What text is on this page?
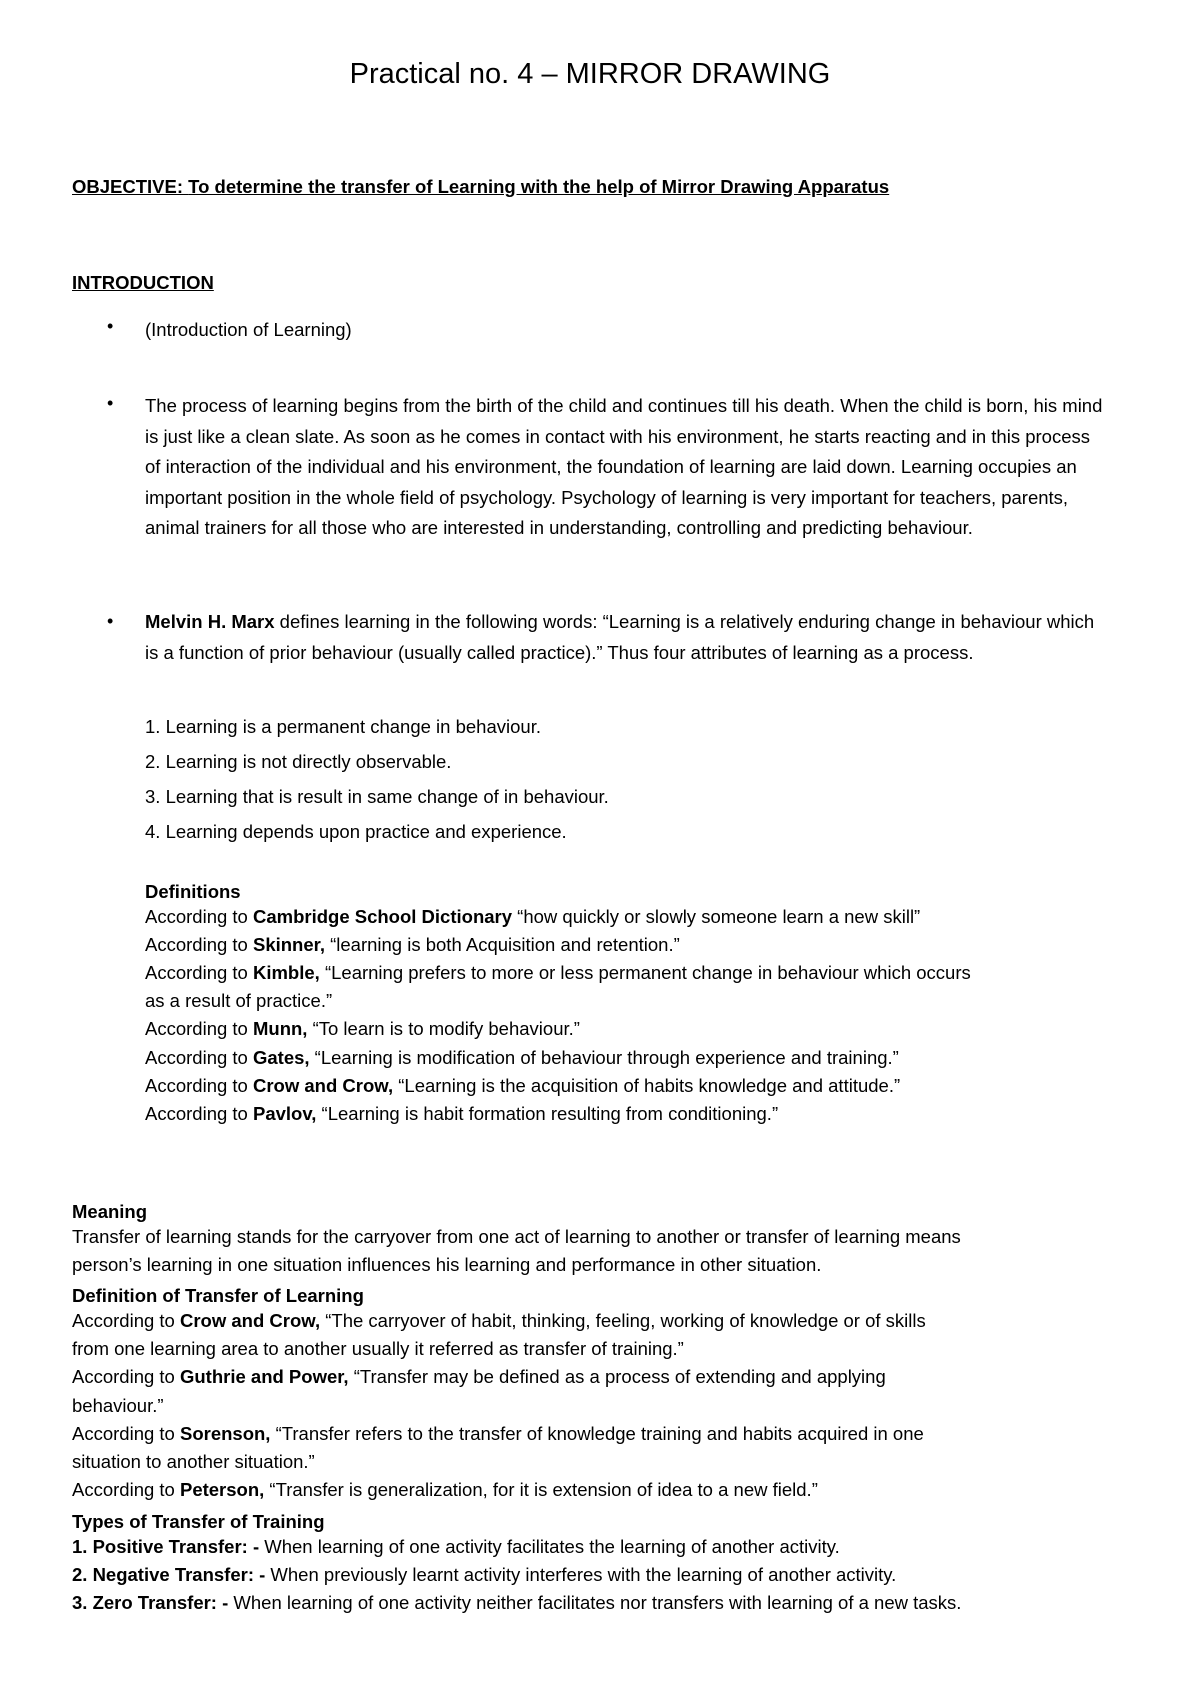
Practical no. 4 – MIRROR DRAWING
OBJECTIVE: To determine the transfer of Learning with the help of Mirror Drawing Apparatus
INTRODUCTION
• (Introduction of Learning)
• The process of learning begins from the birth of the child and continues till his death. When the child is born, his mind is just like a clean slate. As soon as he comes in contact with his environment, he starts reacting and in this process of interaction of the individual and his environment, the foundation of learning are laid down. Learning occupies an important position in the whole field of psychology. Psychology of learning is very important for teachers, parents, animal trainers for all those who are interested in understanding, controlling and predicting behaviour.
• Melvin H. Marx defines learning in the following words: “Learning is a relatively enduring change in behaviour which is a function of prior behaviour (usually called practice).” Thus four attributes of learning as a process.
1. Learning is a permanent change in behaviour.
2. Learning is not directly observable.
3. Learning that is result in same change of in behaviour.
4. Learning depends upon practice and experience.
Definitions
According to Cambridge School Dictionary “how quickly or slowly someone learn a new skill”
According to Skinner, “learning is both Acquisition and retention.”
According to Kimble, “Learning prefers to more or less permanent change in behaviour which occurs
as a result of practice.”
According to Munn, “To learn is to modify behaviour.”
According to Gates, “Learning is modification of behaviour through experience and training.”
According to Crow and Crow, “Learning is the acquisition of habits knowledge and attitude.”
According to Pavlov, “Learning is habit formation resulting from conditioning.”
Meaning
Transfer of learning stands for the carryover from one act of learning to another or transfer of learning means
person’s learning in one situation influences his learning and performance in other situation.
Definition of Transfer of Learning
According to Crow and Crow, “The carryover of habit, thinking, feeling, working of knowledge or of skills
from one learning area to another usually it referred as transfer of training.”
According to Guthrie and Power, “Transfer may be defined as a process of extending and applying
behaviour.”
According to Sorenson, “Transfer refers to the transfer of knowledge training and habits acquired in one
situation to another situation.”
According to Peterson, “Transfer is generalization, for it is extension of idea to a new field.”
Types of Transfer of Training
1. Positive Transfer: - When learning of one activity facilitates the learning of another activity.
2. Negative Transfer: - When previously learnt activity interferes with the learning of another activity.
3. Zero Transfer: - When learning of one activity neither facilitates nor transfers with learning of a new tasks.
